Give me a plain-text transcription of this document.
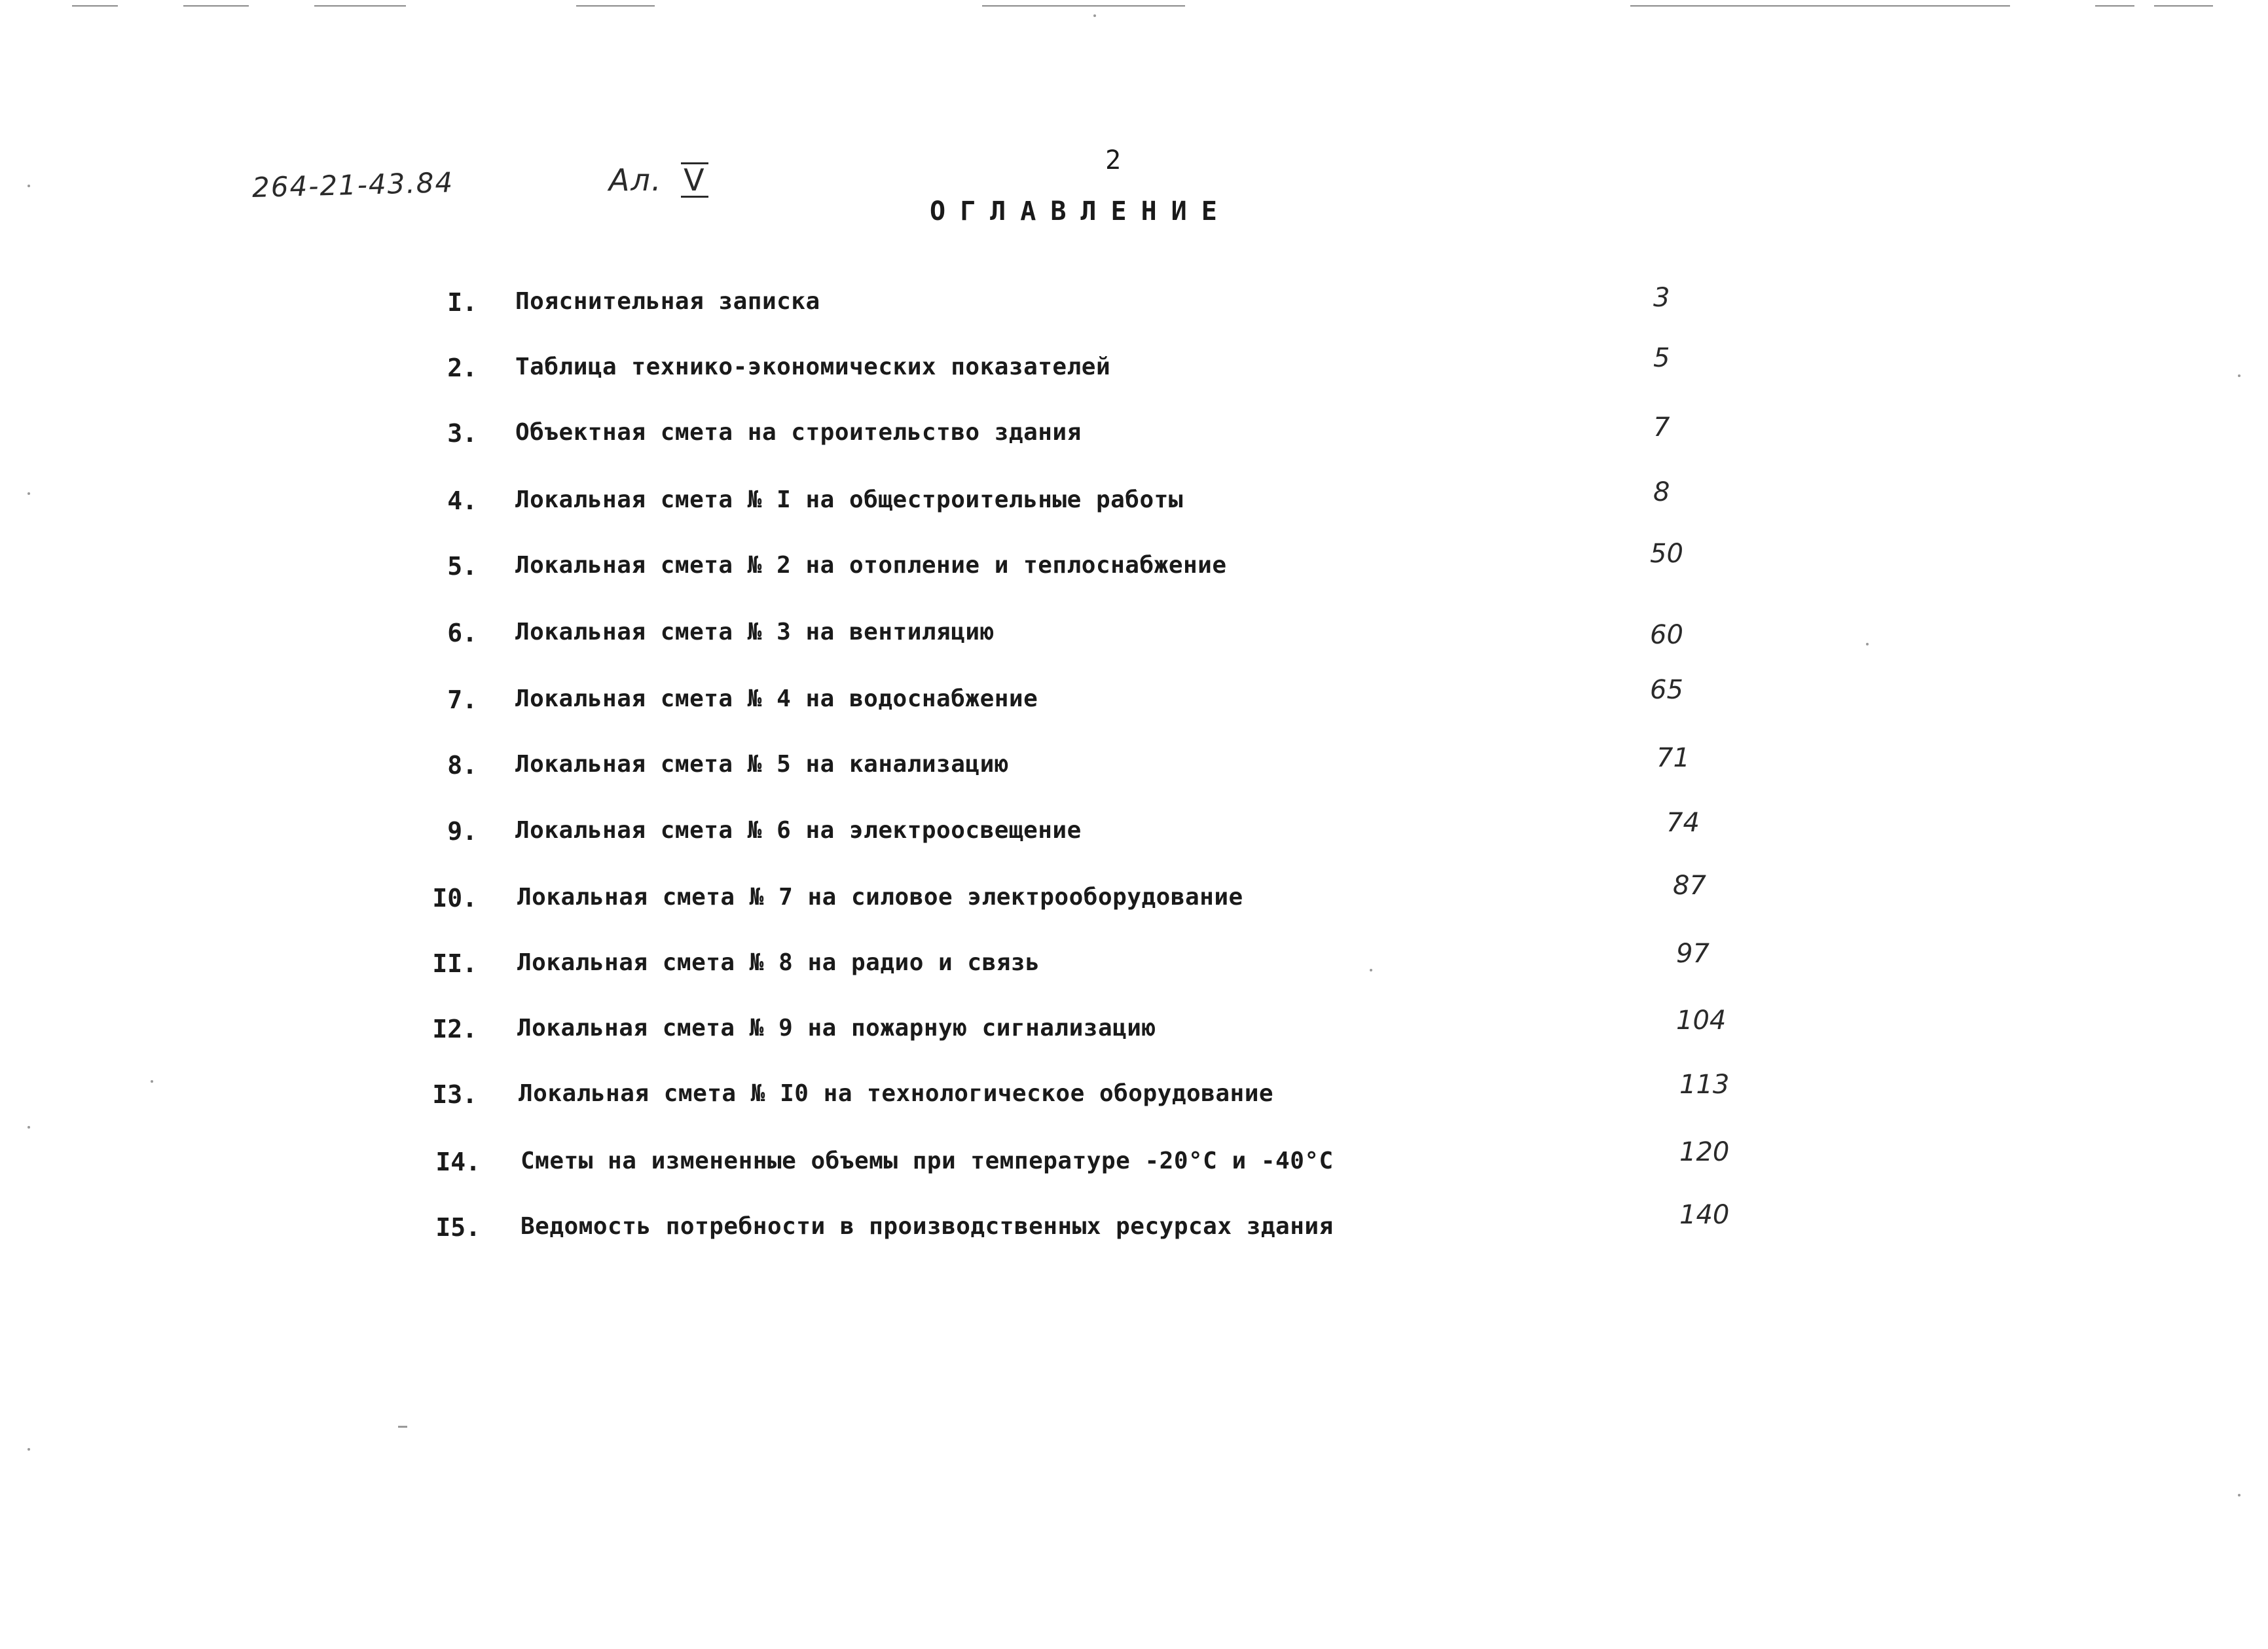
264-21-43.84	Ал. V
2
ОГЛАВЛЕНИЕ
I. Пояснительная записка	3
2. Таблица технико-экономических показателей	5
3. Объектная смета на строительство здания	7
4. Локальная смета № I на общестроительные работы	8
5. Локальная смета № 2 на отопление и теплоснабжение	50
6. Локальная смета № 3 на вентиляцию	60
7. Локальная смета № 4 на водоснабжение	65
8. Локальная смета № 5 на канализацию	71
9. Локальная смета № 6 на электроосвещение	74
I0. Локальная смета № 7 на силовое электрооборудование	87
II. Локальная смета № 8 на радио и связь	97
I2. Локальная смета № 9 на пожарную сигнализацию	104
I3. Локальная смета № I0 на технологическое оборудование	113
I4. Сметы на измененные объемы при температуре -20°С и -40°С	120
I5. Ведомость потребности в производственных ресурсах здания	140
